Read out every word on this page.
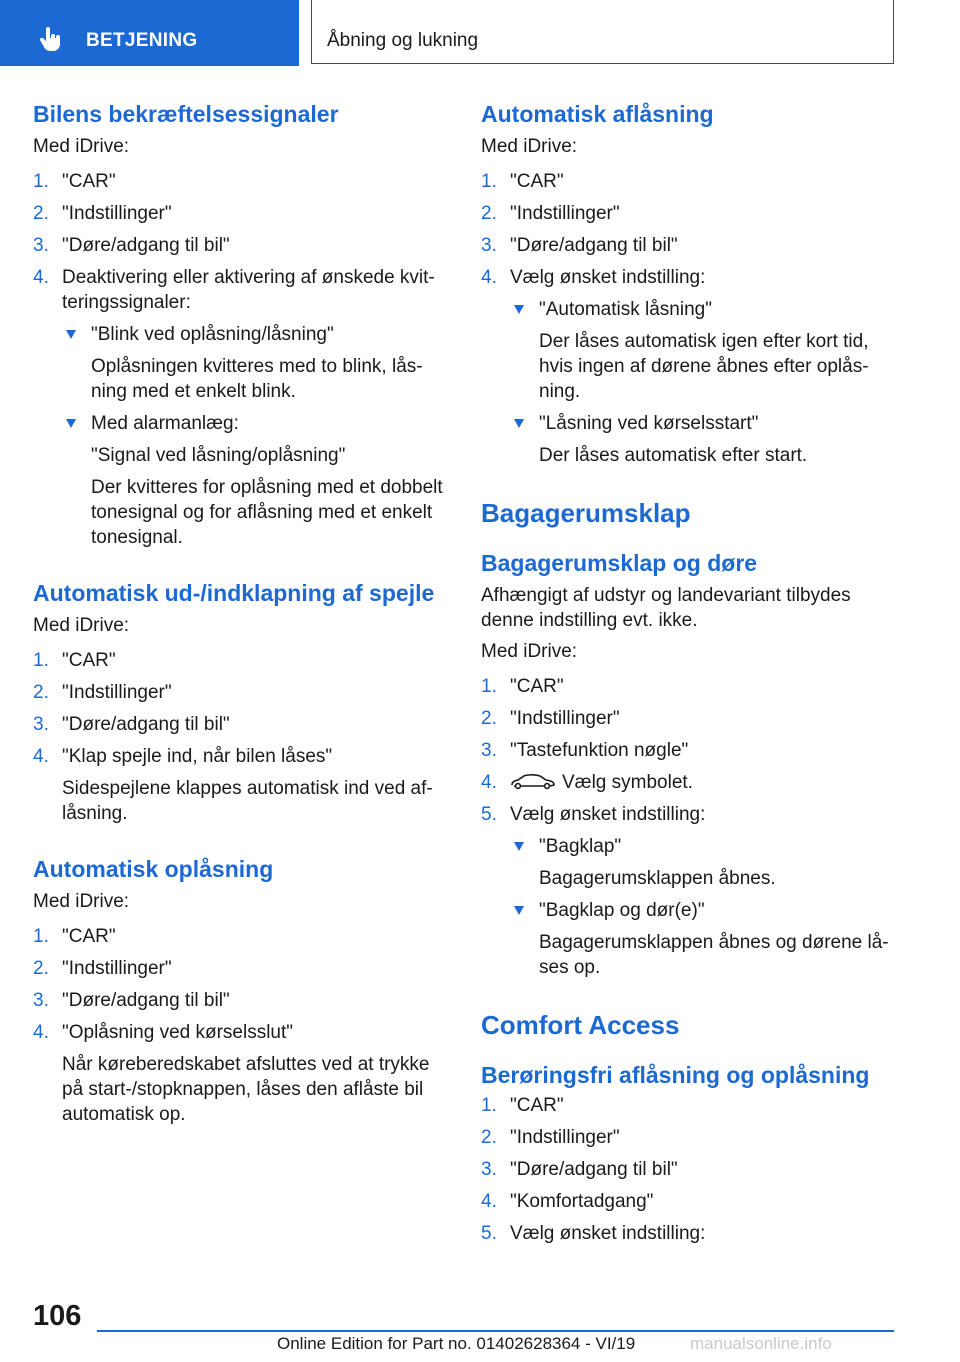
BETJENING	Åbning og lukning
Bilens bekræftelsessignaler

Med iDrive:

1. "CAR"
2. "Indstillinger"
3. "Døre/adgang til bil"
4. Deaktivering eller aktivering af ønskede kvit-teringssignaler:
"Blink ved oplåsning/låsning"

Oplåsningen kvitteres med to blink, lås-ning med et enkelt blink.

Med alarmanlæg:

"Signal ved låsning/oplåsning"

Der kvitteres for oplåsning med et dobbelt tonesignal og for aflåsning med et enkelt tonesignal.

Automatisk ud-/indklapning af spejle

Med iDrive:

1. "CAR"
2. "Indstillinger"
3. "Døre/adgang til bil"
4. "Klap spejle ind, når bilen låses"

Sidespejlene klappes automatisk ind ved af-låsning.

Automatisk oplåsning

Med iDrive:

1. "CAR"
2. "Indstillinger"
3. "Døre/adgang til bil"
4. "Oplåsning ved kørselsslut"

Når køreberedskabet afsluttes ved at trykke på start-/stopknappen, låses den aflåste bil automatisk op.

Automatisk aflåsning

Med iDrive:

1. "CAR"
2. "Indstillinger"
3. "Døre/adgang til bil"
4. Vælg ønsket indstilling:
"Automatisk låsning"

Der låses automatisk igen efter kort tid, hvis ingen af dørene åbnes efter oplås-ning.

"Låsning ved kørselsstart"

Der låses automatisk efter start.

Bagagerumsklap
Bagagerumsklap og døre

Afhængigt af udstyr og landevariant tilbydes denne indstilling evt. ikke.

Med iDrive:

1. "CAR"
2. "Indstillinger"
3. "Tastefunktion nøgle"
4.	Vælg symbolet.
5. Vælg ønsket indstilling:
"Bagklap"

Bagagerumsklappen åbnes.

"Bagklap og dør(e)"

Bagagerumsklappen åbnes og dørene lå-ses op.

Comfort Access
Berøringsfri aflåsning og oplåsning
1. "CAR"
2. "Indstillinger"
3. "Døre/adgang til bil"
4. "Komfortadgang"
5. Vælg ønsket indstilling:
106
Online Edition for Part no. 01402628364 - VI/19	manualsonline.info
